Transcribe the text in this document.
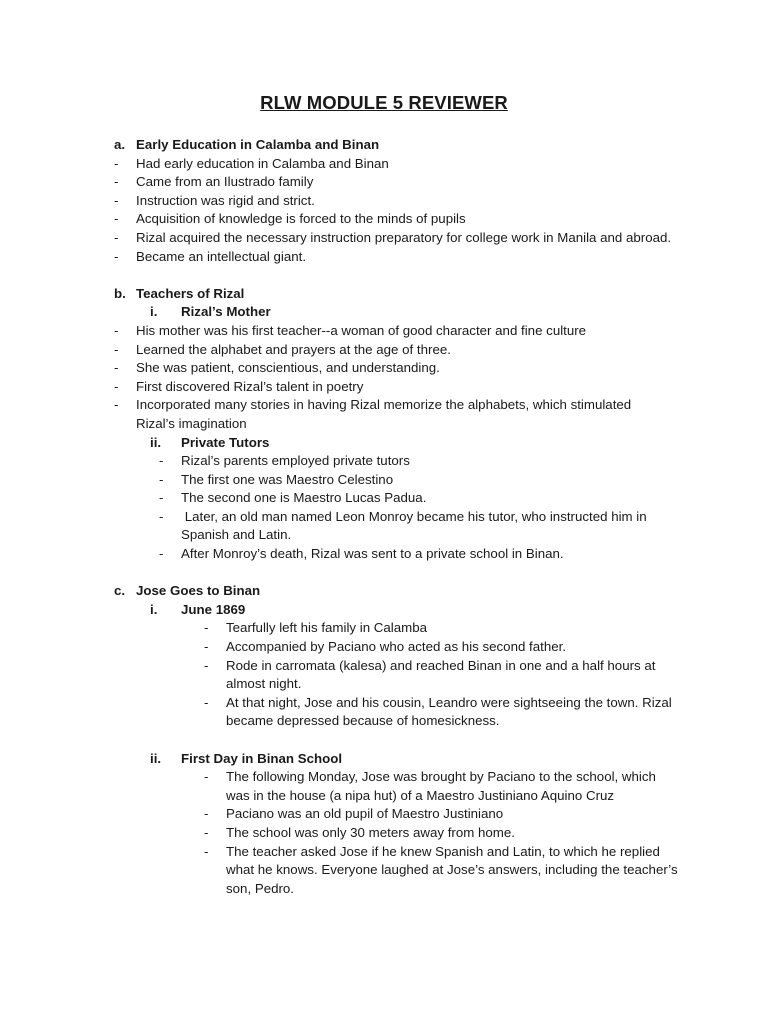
RLW MODULE 5 REVIEWER
a. Early Education in Calamba and Binan
- Had early education in Calamba and Binan
- Came from an Ilustrado family
- Instruction was rigid and strict.
- Acquisition of knowledge is forced to the minds of pupils
- Rizal acquired the necessary instruction preparatory for college work in Manila and abroad.
- Became an intellectual giant.
b. Teachers of Rizal
i. Rizal’s Mother
- His mother was his first teacher--a woman of good character and fine culture
- Learned the alphabet and prayers at the age of three.
- She was patient, conscientious, and understanding.
- First discovered Rizal’s talent in poetry
- Incorporated many stories in having Rizal memorize the alphabets, which stimulated Rizal’s imagination
ii. Private Tutors
- Rizal’s parents employed private tutors
- The first one was Maestro Celestino
- The second one is Maestro Lucas Padua.
- Later, an old man named Leon Monroy became his tutor, who instructed him in Spanish and Latin.
- After Monroy’s death, Rizal was sent to a private school in Binan.
c. Jose Goes to Binan
i. June 1869
- Tearfully left his family in Calamba
- Accompanied by Paciano who acted as his second father.
- Rode in carromata (kalesa) and reached Binan in one and a half hours at almost night.
- At that night, Jose and his cousin, Leandro were sightseeing the town. Rizal became depressed because of homesickness.
ii. First Day in Binan School
- The following Monday, Jose was brought by Paciano to the school, which was in the house (a nipa hut) of a Maestro Justiniano Aquino Cruz
- Paciano was an old pupil of Maestro Justiniano
- The school was only 30 meters away from home.
- The teacher asked Jose if he knew Spanish and Latin, to which he replied what he knows. Everyone laughed at Jose’s answers, including the teacher’s son, Pedro.
